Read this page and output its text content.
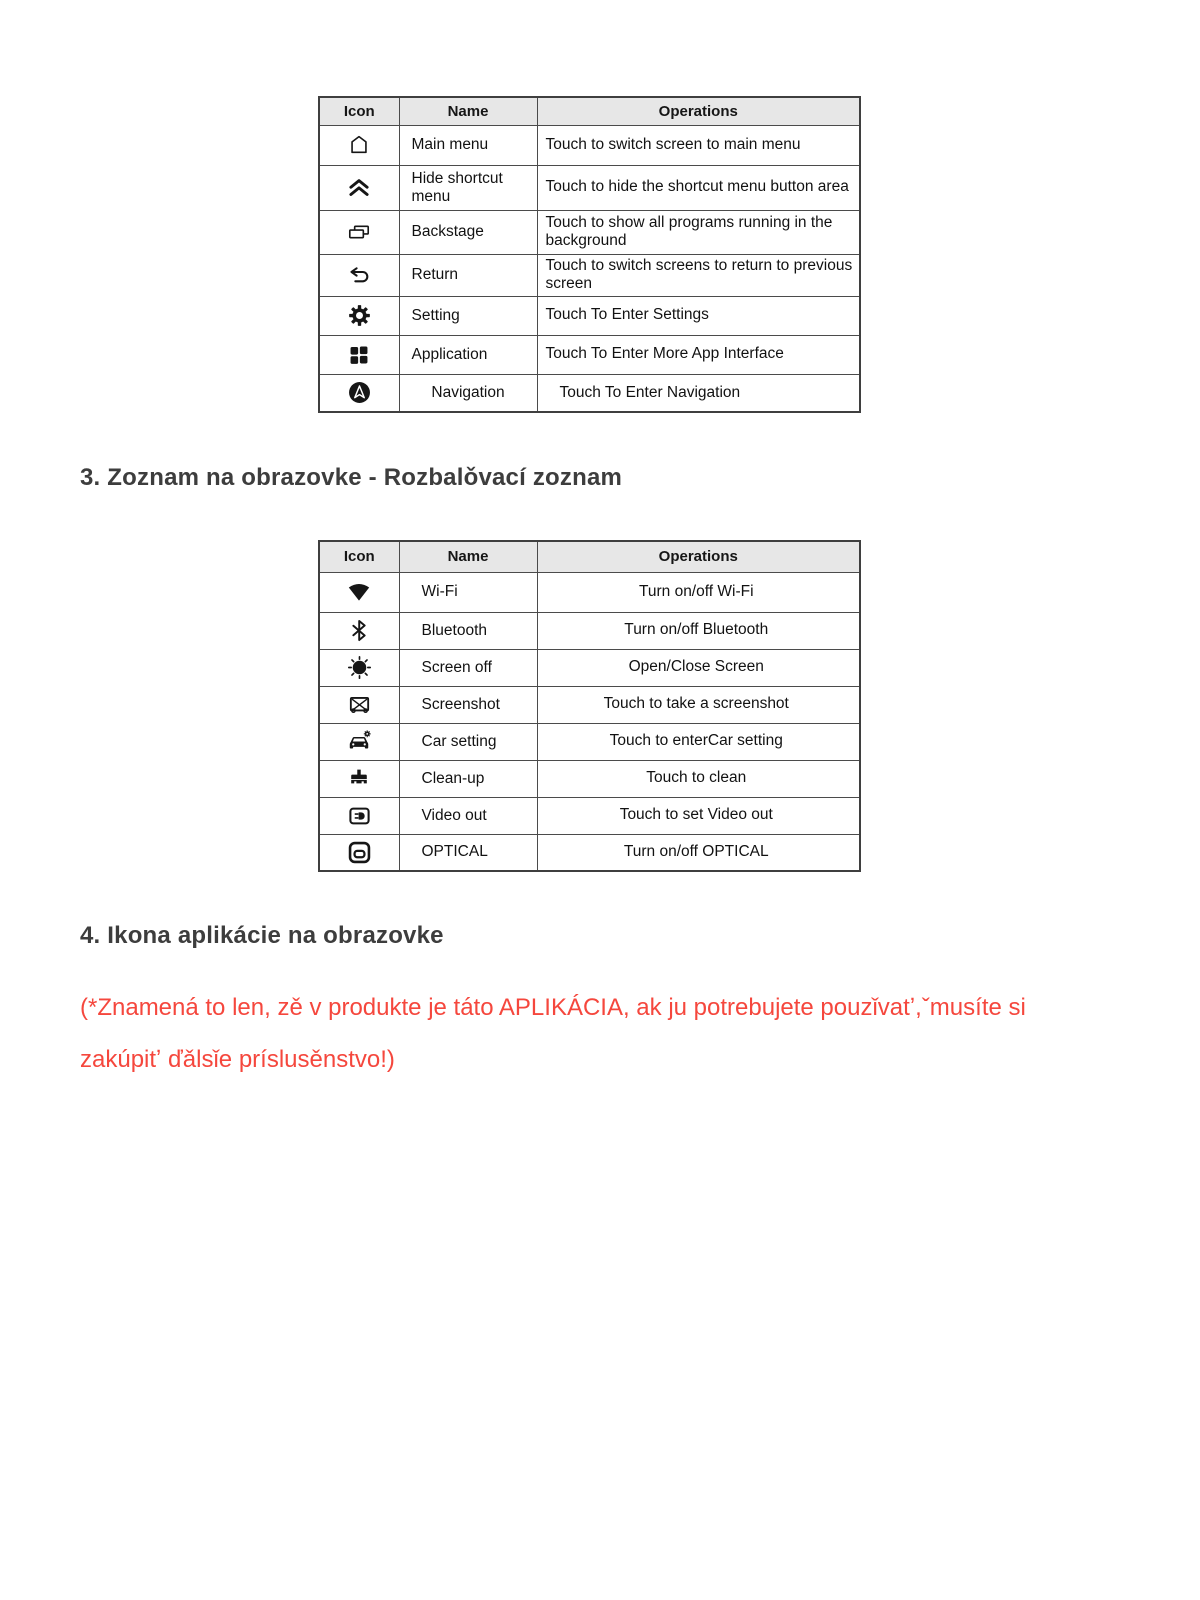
Icon	Name	Operations

	Main menu	Touch to switch screen to main menu

	Hide shortcut menu	Touch to hide the shortcut menu button area

	Backstage	Touch to show all programs running in the background

	Return	Touch to switch screens to return to previous screen

	Setting	Touch To Enter Settings

	Application	Touch To Enter More App Interface

	Navigation	Touch To Enter Navigation
3. Zoznam na obrazovke - Rozbalǒvací zoznam
Icon	Name	Operations

	Wi-Fi	Turn on/off Wi-Fi

	Bluetooth	Turn on/off Bluetooth

	Screen off	Open/Close Screen

	Screenshot	Touch to take a screenshot

	Car setting	Touch to enterCar setting

	Clean-up	Touch to clean

	Video out	Touch to set Video out

	OPTICAL	Turn on/off OPTICAL
4. Ikona aplikácie na obrazovke
(*Znamená to len, zě v produkte je táto APLIKÁCIA, ak ju potrebujete pouzǐvatʼ,ˇmusíte si
zakúpitʼ ďǎlsǐe príslusěnstvo!)
